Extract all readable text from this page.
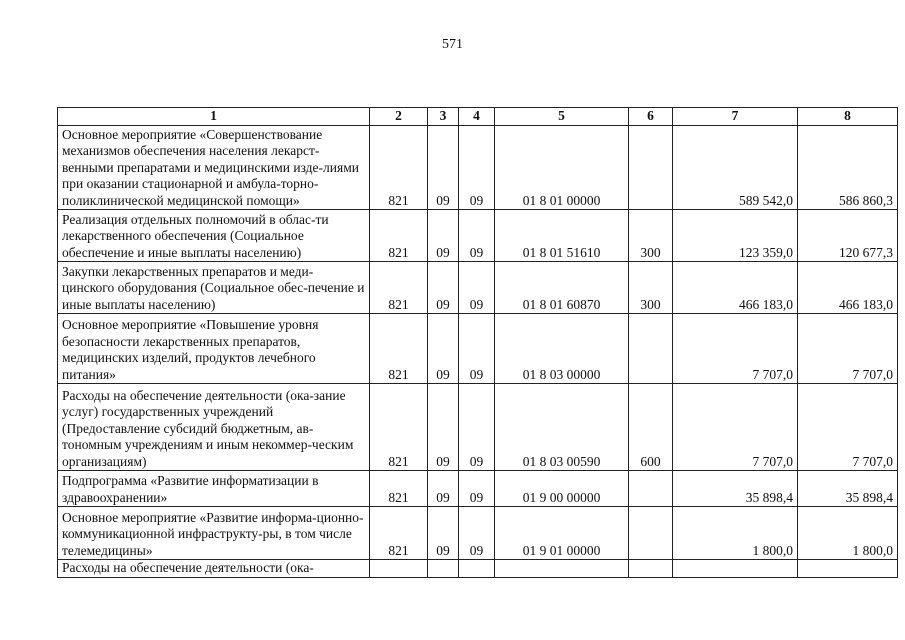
571
1	2	3	4	5	6	7	8
Основное мероприятие «Совершенствование механизмов обеспечения населения лекарст-венными препаратами и медицинскими изде-лиями при оказании стационарной и амбула-торно-поликлинической медицинской помощи»	821	09	09	01 8 01 00000		589 542,0	586 860,3
Реализация отдельных полномочий в облас-ти лекарственного обеспечения (Социальное обеспечение и иные выплаты населению)	821	09	09	01 8 01 51610	300	123 359,0	120 677,3
Закупки лекарственных препаратов и меди-цинского оборудования (Социальное обес-печение и иные выплаты населению)	821	09	09	01 8 01 60870	300	466 183,0	466 183,0
Основное мероприятие «Повышение уровня безопасности лекарственных препаратов, медицинских изделий, продуктов лечебного питания»	821	09	09	01 8 03 00000		7 707,0	7 707,0
Расходы на обеспечение деятельности (ока-зание услуг) государственных учреждений (Предоставление субсидий бюджетным, ав-тономным учреждениям и иным некоммер-ческим организациям)	821	09	09	01 8 03 00590	600	7 707,0	7 707,0
Подпрограмма «Развитие информатизации в здравоохранении»	821	09	09	01 9 00 00000		35 898,4	35 898,4
Основное мероприятие «Развитие информа-ционно- коммуникационной инфраструкту-ры, в том числе телемедицины»	821	09	09	01 9 01 00000		1 800,0	1 800,0
Расходы на обеспечение деятельности (ока-							
